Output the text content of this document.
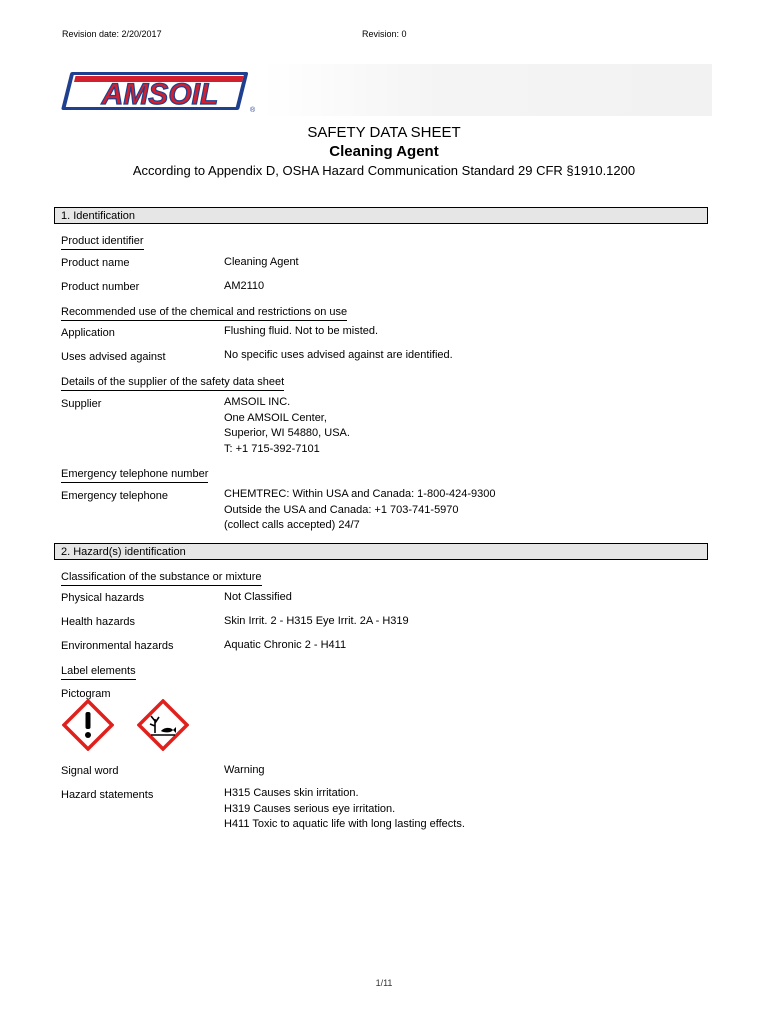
Revision date: 2/20/2017	Revision: 0
AMSOIL	®
SAFETY DATA SHEET
Cleaning Agent
According to Appendix D, OSHA Hazard Communication Standard 29 CFR §1910.1200
1. Identification
Product identifier
Product name	Cleaning Agent
Product number	AM2110
Recommended use of the chemical and restrictions on use
Application	Flushing fluid. Not to be misted.
Uses advised against	No specific uses advised against are identified.
Details of the supplier of the safety data sheet
Supplier	AMSOIL INC.
One AMSOIL Center,
Superior, WI 54880, USA.
T: +1 715-392-7101
Emergency telephone number
Emergency telephone	CHEMTREC: Within USA and Canada: 1-800-424-9300
Outside the USA and Canada: +1 703-741-5970
(collect calls accepted) 24/7
2. Hazard(s) identification
Classification of the substance or mixture
Physical hazards	Not Classified
Health hazards	Skin Irrit. 2 - H315 Eye Irrit. 2A - H319
Environmental hazards	Aquatic Chronic 2 - H411
Label elements
Pictogram
Signal word	Warning
Hazard statements	H315 Causes skin irritation.
H319 Causes serious eye irritation.
H411 Toxic to aquatic life with long lasting effects.
1/11
